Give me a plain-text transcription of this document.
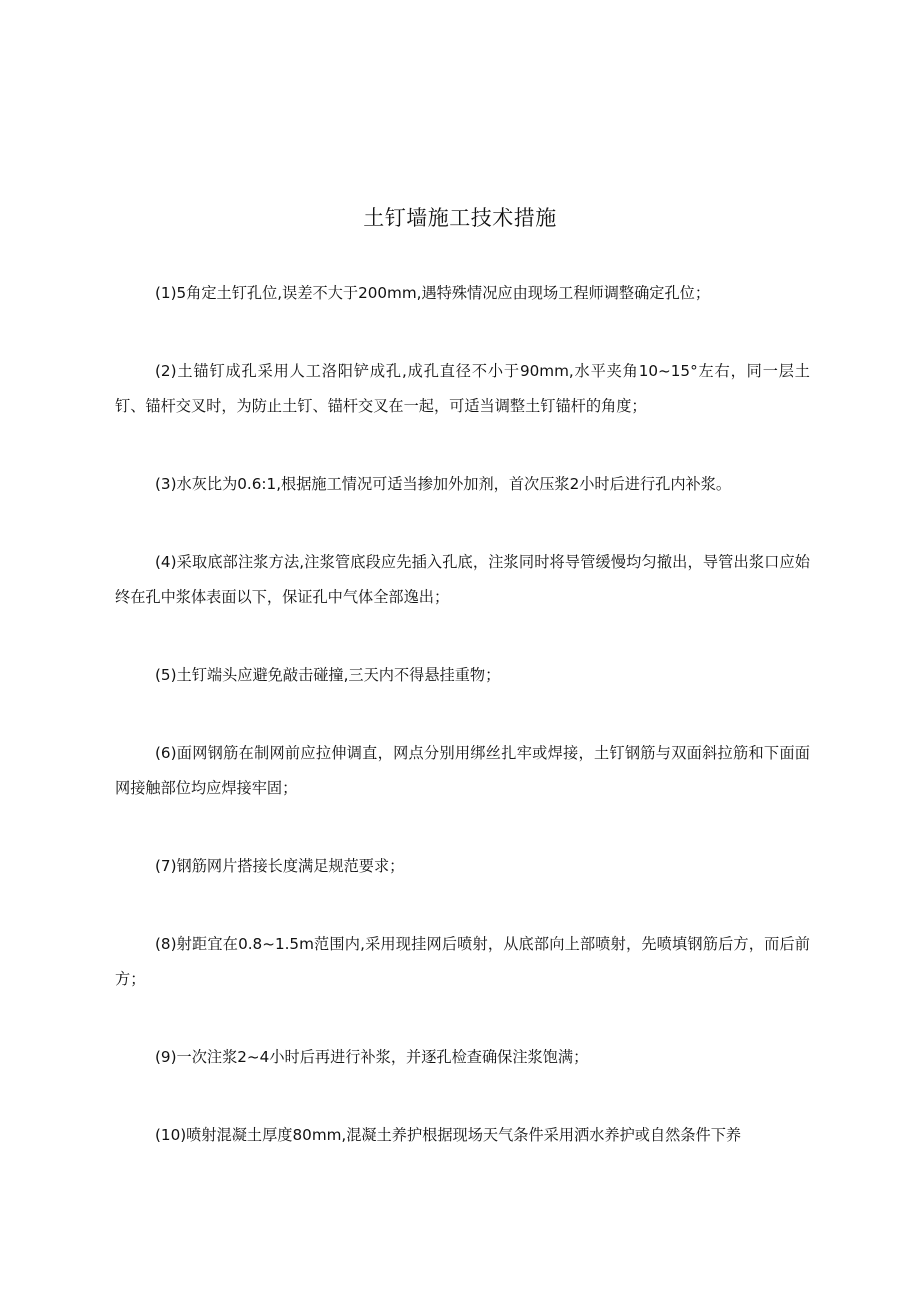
土钉墙施工技术措施

(1)5角定土钉孔位,误差不大于200mm,遇特殊情况应由现场工程师调整确定孔位；

(2)土锚钉成孔采用人工洛阳铲成孔,成孔直径不小于90mm,水平夹角10~15°左右，同一层土钉、锚杆交叉时，为防止土钉、锚杆交叉在一起，可适当调整土钉锚杆的角度；

(3)水灰比为0.6:1,根据施工情况可适当掺加外加剂，首次压浆2小时后进行孔内补浆。

(4)采取底部注浆方法,注浆管底段应先插入孔底，注浆同时将导管缓慢均匀撤出，导管出浆口应始终在孔中浆体表面以下，保证孔中气体全部逸出；

(5)土钉端头应避免敲击碰撞,三天内不得悬挂重物；

(6)面网钢筋在制网前应拉伸调直，网点分别用绑丝扎牢或焊接，土钉钢筋与双面斜拉筋和下面面网接触部位均应焊接牢固；

(7)钢筋网片搭接长度满足规范要求；

(8)射距宜在0.8~1.5m范围内,采用现挂网后喷射，从底部向上部喷射，先喷填钢筋后方，而后前方；

(9)一次注浆2~4小时后再进行补浆，并逐孔检查确保注浆饱满；

(10)喷射混凝土厚度80mm,混凝土养护根据现场天气条件采用洒水养护或自然条件下养
